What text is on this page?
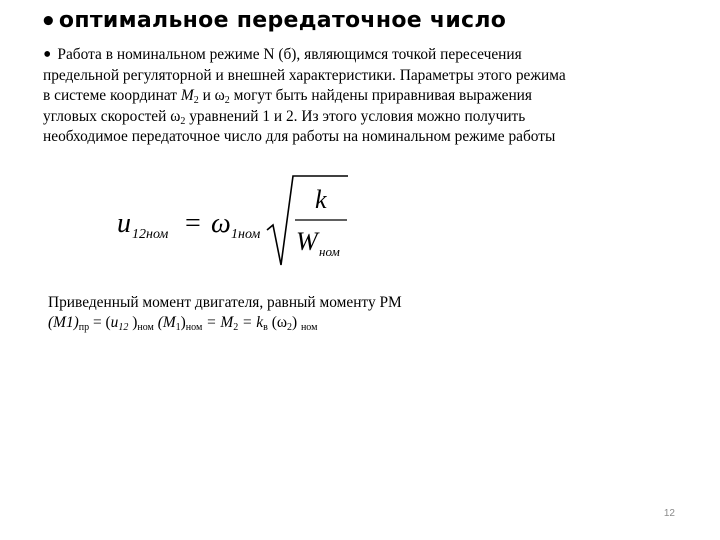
•оптимальное передаточное число
• Работа в номинальном режиме N (б), являющимся точкой пересечения
предельной регуляторной и внешней характеристики. Параметры этого режима
в системе координат $M_2$ и $\omega_2$ могут быть найдены приравнивая выражения
угловых скоростей $\omega_2$ уравнений 1 и 2. Из этого условия можно получить
необходимое передаточное число для работы на номинальном режиме работы
u 12ном = ω 1ном
k
W ном
Приведенный момент двигателя, равный моменту РМ
(M1)пр = (u12 )ном (M1)ном = M2 = kв (ω2) ном
12
